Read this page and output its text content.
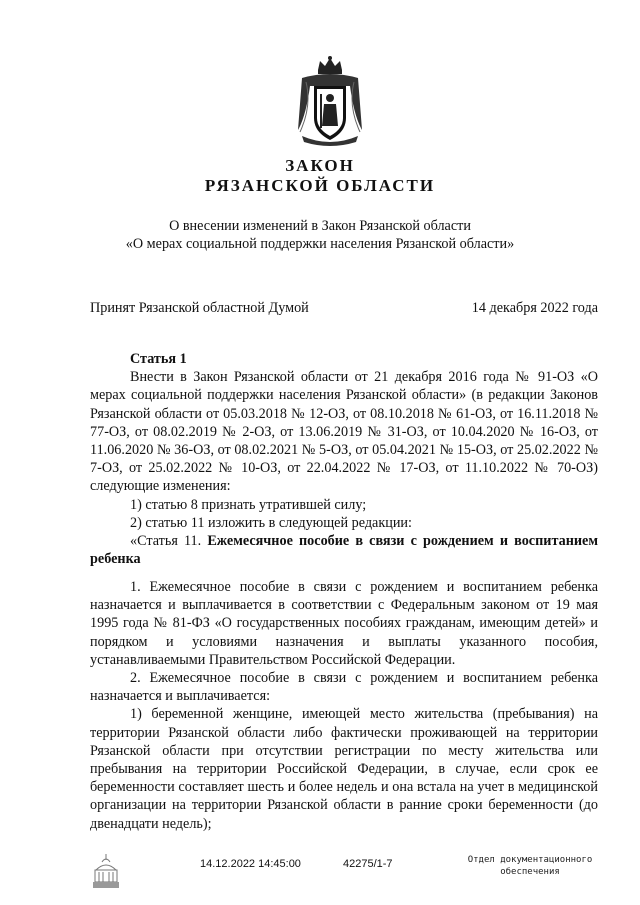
ЗАКОН
РЯЗАНСКОЙ ОБЛАСТИ
О внесении изменений в Закон Рязанской области
«О мерах социальной поддержки населения Рязанской области»
Принят Рязанской областной Думой	14 декабря 2022 года

Статья 1

Внести в Закон Рязанской области от 21 декабря 2016 года № 91-ОЗ «О мерах социальной поддержки населения Рязанской области» (в редакции Законов Рязанской области от 05.03.2018 № 12-ОЗ, от 08.10.2018 № 61-ОЗ, от 16.11.2018 № 77-ОЗ, от 08.02.2019 № 2-ОЗ, от 13.06.2019 № 31-ОЗ, от 10.04.2020 № 16-ОЗ, от 11.06.2020 № 36-ОЗ, от 08.02.2021 № 5-ОЗ, от 05.04.2021 № 15-ОЗ, от 25.02.2022 № 7-ОЗ, от 25.02.2022 № 10-ОЗ, от 22.04.2022 № 17-ОЗ, от 11.10.2022 № 70-ОЗ) следующие изменения:

1) статью 8 признать утратившей силу;

2) статью 11 изложить в следующей редакции:

«Статья 11. Ежемесячное пособие в связи с рождением и воспитанием ребенка

1. Ежемесячное пособие в связи с рождением и воспитанием ребенка назначается и выплачивается в соответствии с Федеральным законом от 19 мая 1995 года № 81-ФЗ «О государственных пособиях гражданам, имеющим детей» и порядком и условиями назначения и выплаты указанного пособия, устанавливаемыми Правительством Российской Федерации.

2. Ежемесячное пособие в связи с рождением и воспитанием ребенка назначается и выплачивается:

1) беременной женщине, имеющей место жительства (пребывания) на территории Рязанской области либо фактически проживающей на территории Рязанской области при отсутствии регистрации по месту жительства или пребывания на территории Российской Федерации, в случае, если срок ее беременности составляет шесть и более недель и она встала на учет в медицинской организации на территории Рязанской области в ранние сроки беременности (до двенадцати недель);

14.12.2022 14:45:00	42275/1-7	Отдел документационного
обеспечения
